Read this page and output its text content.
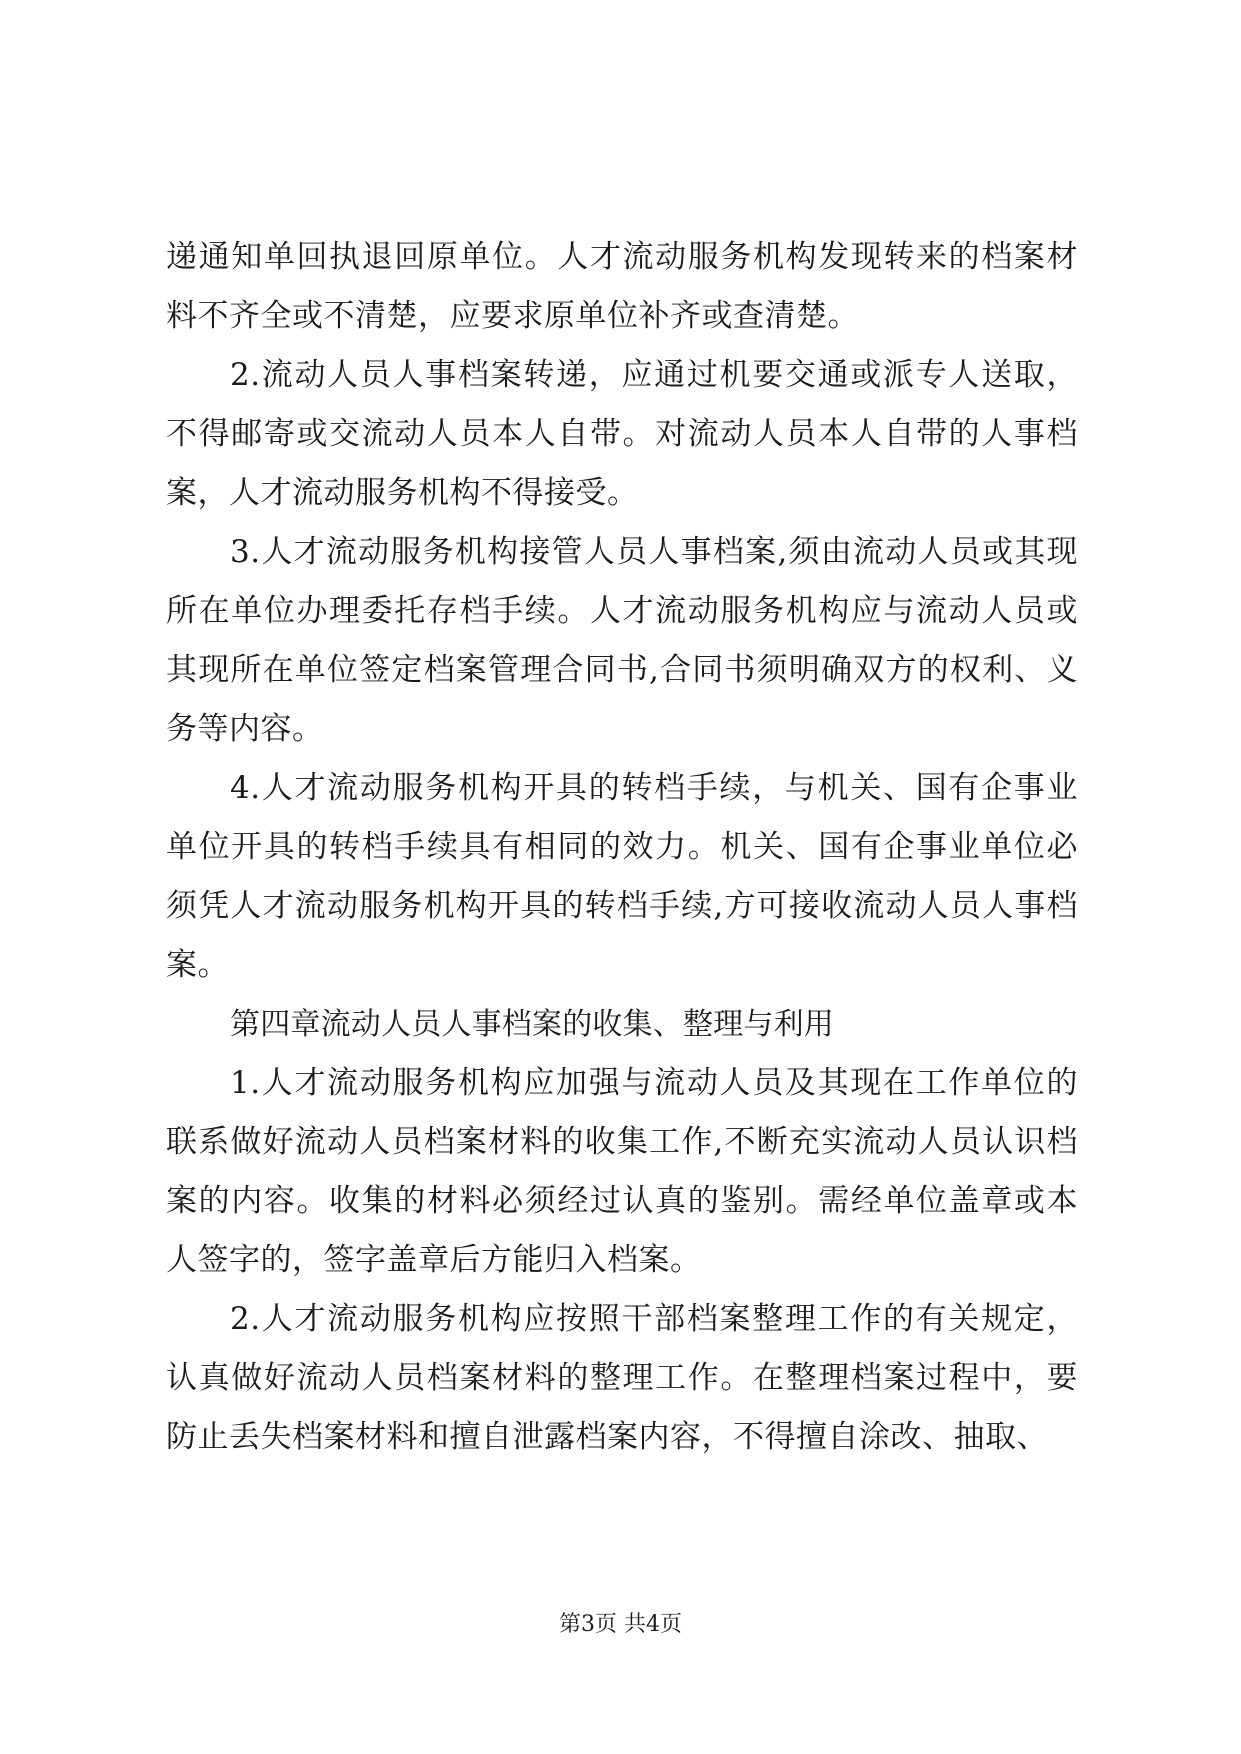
递通知单回执退回原单位。人才流动服务机构发现转来的档案材料不齐全或不清楚，应要求原单位补齐或查清楚。

2.流动人员人事档案转递，应通过机要交通或派专人送取，不得邮寄或交流动人员本人自带。对流动人员本人自带的人事档案，人才流动服务机构不得接受。

3.人才流动服务机构接管人员人事档案,须由流动人员或其现所在单位办理委托存档手续。人才流动服务机构应与流动人员或其现所在单位签定档案管理合同书,合同书须明确双方的权利、义务等内容。

4.人才流动服务机构开具的转档手续，与机关、国有企事业单位开具的转档手续具有相同的效力。机关、国有企事业单位必须凭人才流动服务机构开具的转档手续,方可接收流动人员人事档案。

第四章流动人员人事档案的收集、整理与利用

1.人才流动服务机构应加强与流动人员及其现在工作单位的联系做好流动人员档案材料的收集工作,不断充实流动人员认识档案的内容。收集的材料必须经过认真的鉴别。需经单位盖章或本人签字的，签字盖章后方能归入档案。

2.人才流动服务机构应按照干部档案整理工作的有关规定，认真做好流动人员档案材料的整理工作。在整理档案过程中，要防止丢失档案材料和擅自泄露档案内容，不得擅自涂改、抽取、

第3页 共4页
